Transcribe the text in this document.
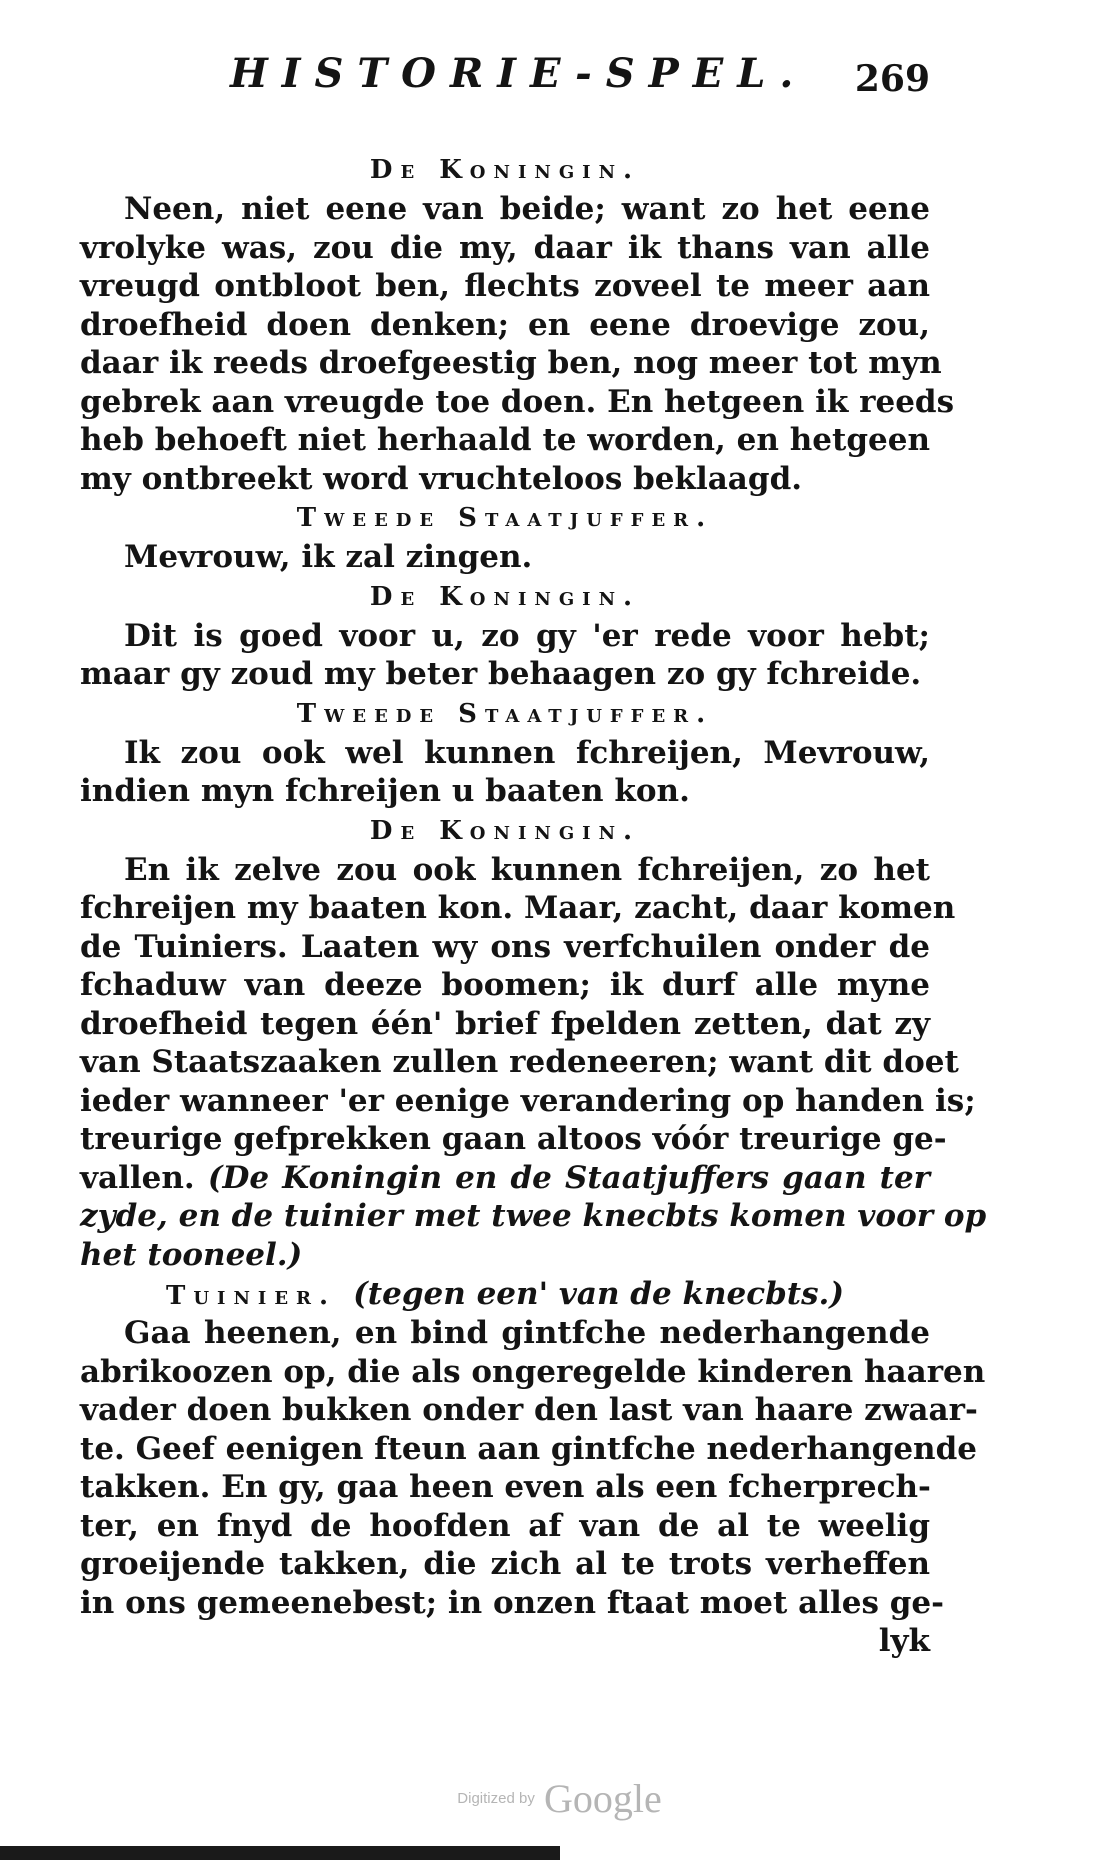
HISTORIE-SPEL. 269
De Koningin.
Neen, niet eene van beide; want zo het eene
vrolyke was, zou die my, daar ik thans van alle
vreugd ontbloot ben, flechts zoveel te meer aan
droefheid doen denken; en eene droevige zou,
daar ik reeds droefgeestig ben, nog meer tot myn
gebrek aan vreugde toe doen. En hetgeen ik reeds
heb behoeft niet herhaald te worden, en hetgeen
my ontbreekt word vruchteloos beklaagd.
Tweede Staatjuffer.
Mevrouw, ik zal zingen.
De Koningin.
Dit is goed voor u, zo gy 'er rede voor hebt;
maar gy zoud my beter behaagen zo gy fchreide.
Tweede Staatjuffer.
Ik zou ook wel kunnen fchreijen, Mevrouw,
indien myn fchreijen u baaten kon.
De Koningin.
En ik zelve zou ook kunnen fchreijen, zo het
fchreijen my baaten kon. Maar, zacht, daar komen
de Tuiniers. Laaten wy ons verfchuilen onder de
fchaduw van deeze boomen; ik durf alle myne
droefheid tegen één' brief fpelden zetten, dat zy
van Staatszaaken zullen redeneeren; want dit doet
ieder wanneer 'er eenige verandering op handen is;
treurige gefprekken gaan altoos vóór treurige ge-
vallen. (De Koningin en de Staatjuffers gaan ter
zyde, en de tuinier met twee knecbts komen voor op
het tooneel.)
Tuinier. (tegen een' van de knecbts.)
Gaa heenen, en bind gintfche nederhangende
abrikoozen op, die als ongeregelde kinderen haaren
vader doen bukken onder den last van haare zwaar-
te. Geef eenigen fteun aan gintfche nederhangende
takken. En gy, gaa heen even als een fcherprech-
ter, en fnyd de hoofden af van de al te weelig
groeijende takken, die zich al te trots verheffen
in ons gemeenebest; in onzen ftaat moet alles ge-
lyk
Digitized by Google
